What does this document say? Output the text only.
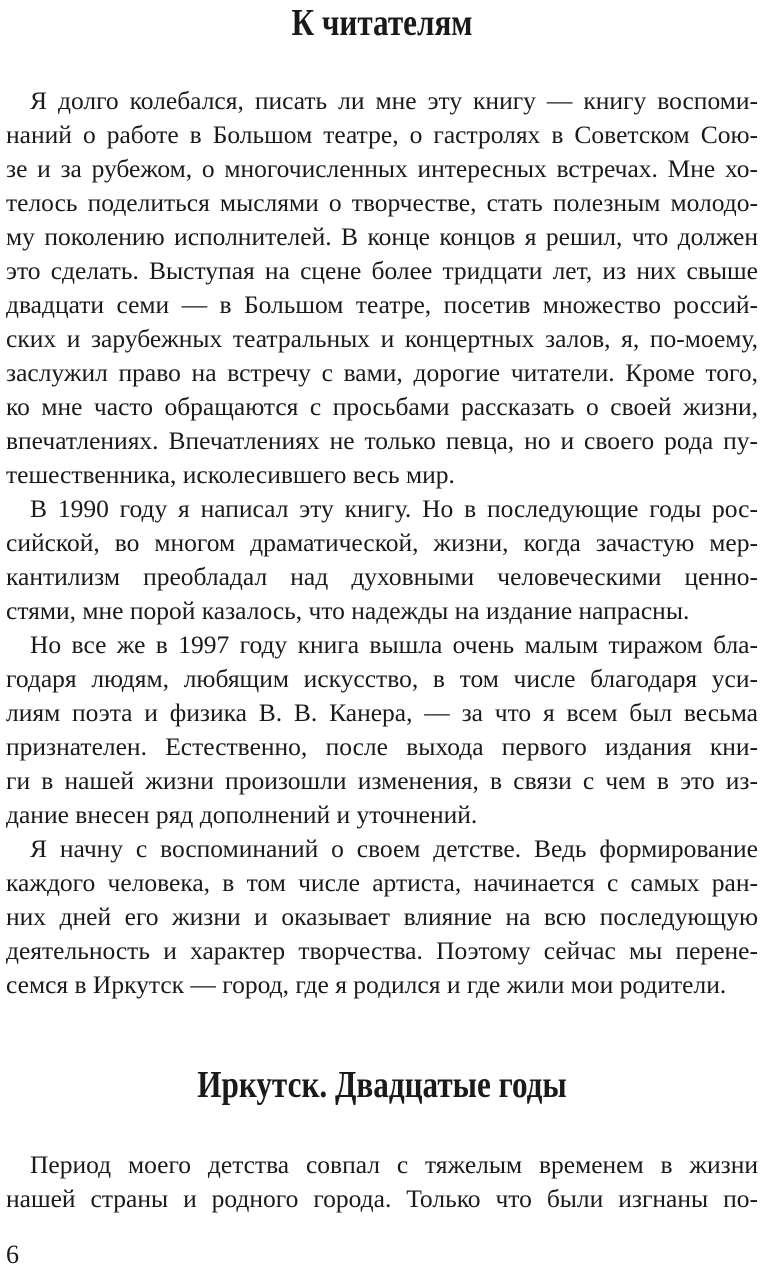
К читателям
Я долго колебался, писать ли мне эту книгу — книгу воспоми-
наний о работе в Большом театре, о гастролях в Советском Сою-
зе и за рубежом, о многочисленных интересных встречах. Мне хо-
телось поделиться мыслями о творчестве, стать полезным молодо-
му поколению исполнителей. В конце концов я решил, что должен
это сделать. Выступая на сцене более тридцати лет, из них свыше
двадцати семи — в Большом театре, посетив множество россий-
ских и зарубежных театральных и концертных залов, я, по-моему,
заслужил право на встречу с вами, дорогие читатели. Кроме того,
ко мне часто обращаются с просьбами рассказать о своей жизни,
впечатлениях. Впечатлениях не только певца, но и своего рода пу-
тешественника, исколесившего весь мир.
В 1990 году я написал эту книгу. Но в последующие годы рос-
сийской, во многом драматической, жизни, когда зачастую мер-
кантилизм преобладал над духовными человеческими ценно-
стями, мне порой казалось, что надежды на издание напрасны.
Но все же в 1997 году книга вышла очень малым тиражом бла-
годаря людям, любящим искусство, в том числе благодаря уси-
лиям поэта и физика В. В. Канера, — за что я всем был весьма
признателен. Естественно, после выхода первого издания кни-
ги в нашей жизни произошли изменения, в связи с чем в это из-
дание внесен ряд дополнений и уточнений.
Я начну с воспоминаний о своем детстве. Ведь формирование
каждого человека, в том числе артиста, начинается с самых ран-
них дней его жизни и оказывает влияние на всю последующую
деятельность и характер творчества. Поэтому сейчас мы перене-
семся в Иркутск — город, где я родился и где жили мои родители.
Иркутск. Двадцатые годы
Период моего детства совпал с тяжелым временем в жизни
нашей страны и родного города. Только что были изгнаны по-
6
